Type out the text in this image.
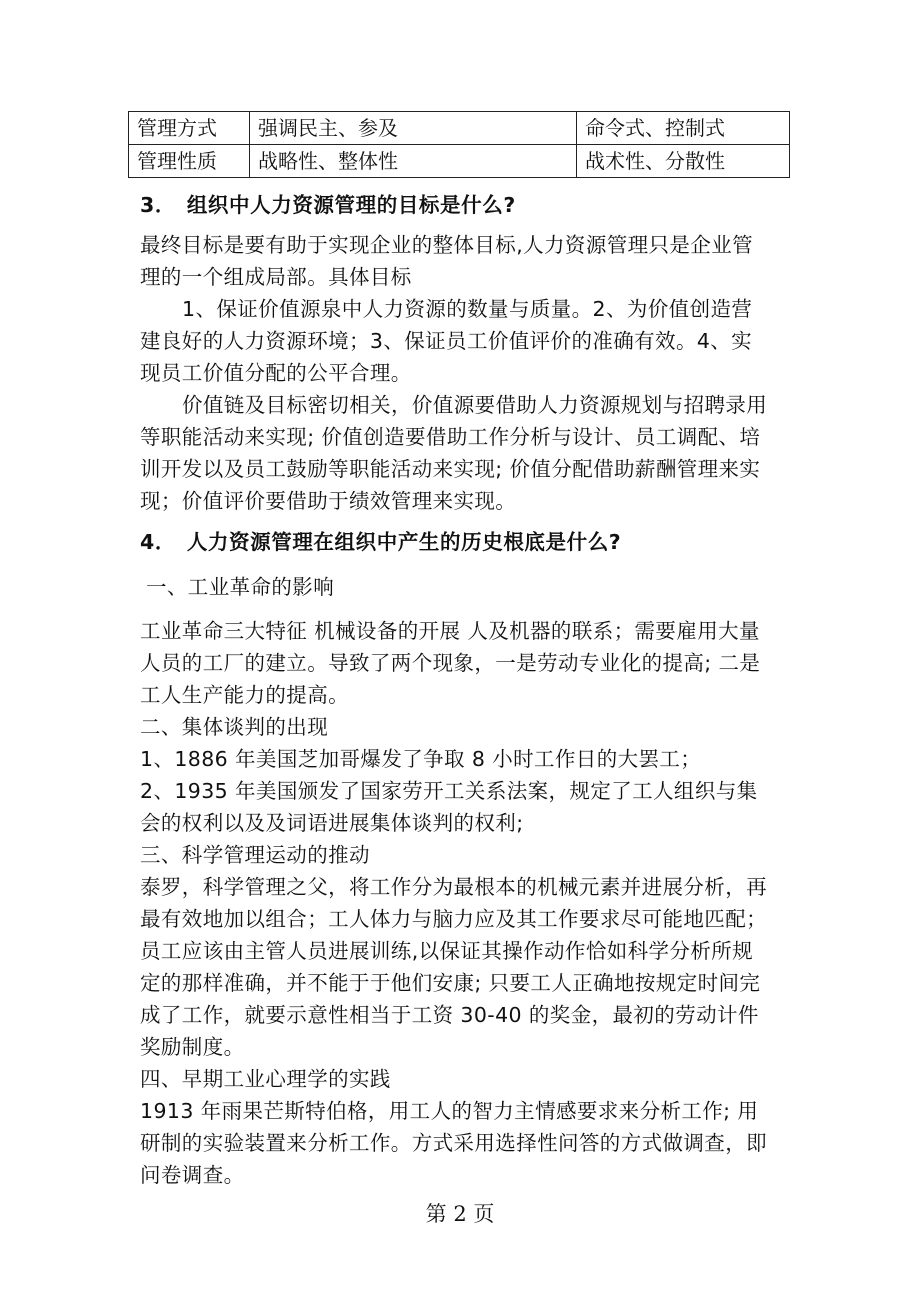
管理方式	强调民主、参及	命令式、控制式
管理性质	战略性、整体性	战术性、分散性
3．　组织中人力资源管理的目标是什么?
最终目标是要有助于实现企业的整体目标,人力资源管理只是企业管
理的一个组成局部。具体目标
1、保证价值源泉中人力资源的数量与质量。2、为价值创造营
建良好的人力资源环境；3、保证员工价值评价的准确有效。4、实
现员工价值分配的公平合理。
价值链及目标密切相关，价值源要借助人力资源规划与招聘录用
等职能活动来实现; 价值创造要借助工作分析与设计、员工调配、培
训开发以及员工鼓励等职能活动来实现; 价值分配借助薪酬管理来实
现；价值评价要借助于绩效管理来实现。
4．　人力资源管理在组织中产生的历史根底是什么?
一、工业革命的影响
工业革命三大特征 机械设备的开展 人及机器的联系；需要雇用大量
人员的工厂的建立。导致了两个现象，一是劳动专业化的提高; 二是
工人生产能力的提高。
二、集体谈判的出现
1、1886 年美国芝加哥爆发了争取 8 小时工作日的大罢工；
2、1935 年美国颁发了国家劳开工关系法案，规定了工人组织与集
会的权利以及及词语进展集体谈判的权利;
三、科学管理运动的推动
泰罗，科学管理之父，将工作分为最根本的机械元素并进展分析，再
最有效地加以组合；工人体力与脑力应及其工作要求尽可能地匹配；
员工应该由主管人员进展训练,以保证其操作动作恰如科学分析所规
定的那样准确，并不能于于他们安康; 只要工人正确地按规定时间完
成了工作，就要示意性相当于工资 30-40 的奖金，最初的劳动计件
奖励制度。
四、早期工业心理学的实践
1913 年雨果芒斯特伯格，用工人的智力主情感要求来分析工作; 用
研制的实验装置来分析工作。方式采用选择性问答的方式做调查，即
问卷调查。
第 2 页
